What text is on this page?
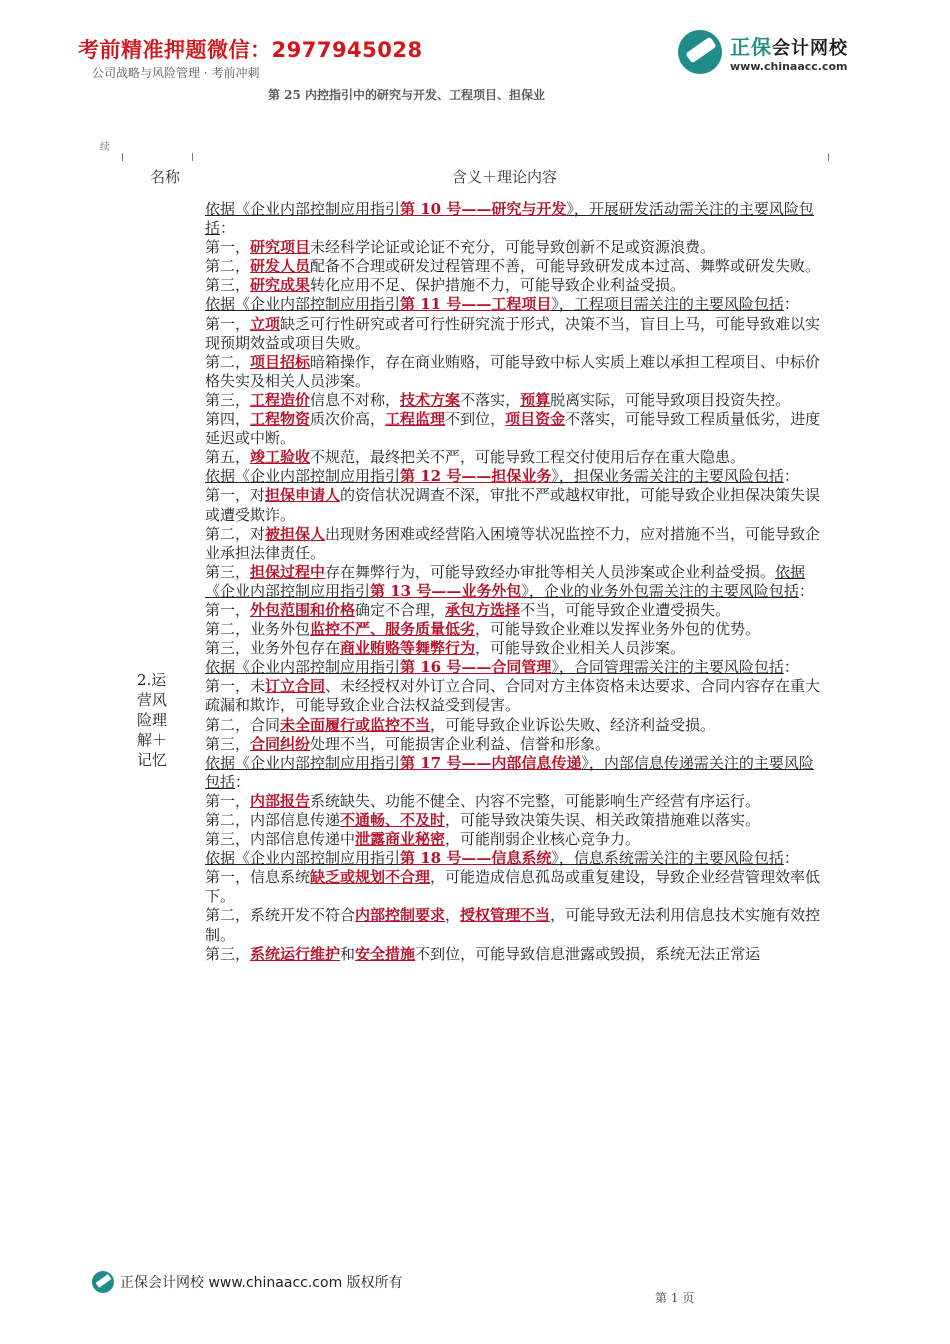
考前精准押题微信：2977945028
公司战略与风险管理 · 考前冲刺
第 25 内控指引中的研究与开发、工程项目、担保业
正保会计网校
www.chinaacc.com
续
名称	含义＋理论内容
2.运营风险理解＋记忆

依据《企业内部控制应用指引第 10 号——研究与开发》，开展研发活动需关注的主要风险包括：

第一，研究项目未经科学论证或论证不充分，可能导致创新不足或资源浪费。

第二，研发人员配备不合理或研发过程管理不善，可能导致研发成本过高、舞弊或研发失败。

第三，研究成果转化应用不足、保护措施不力，可能导致企业利益受损。

依据《企业内部控制应用指引第 11 号——工程项目》，工程项目需关注的主要风险包括：

第一，立项缺乏可行性研究或者可行性研究流于形式，决策不当，盲目上马，可能导致难以实现预期效益或项目失败。

第二，项目招标暗箱操作，存在商业贿赂，可能导致中标人实质上难以承担工程项目、中标价格失实及相关人员涉案。

第三，工程造价信息不对称，技术方案不落实，预算脱离实际，可能导致项目投资失控。

第四，工程物资质次价高，工程监理不到位，项目资金不落实，可能导致工程质量低劣，进度延迟或中断。

第五，竣工验收不规范，最终把关不严，可能导致工程交付使用后存在重大隐患。

依据《企业内部控制应用指引第 12 号——担保业务》，担保业务需关注的主要风险包括：

第一，对担保申请人的资信状况调查不深，审批不严或越权审批，可能导致企业担保决策失误或遭受欺诈。

第二，对被担保人出现财务困难或经营陷入困境等状况监控不力，应对措施不当，可能导致企业承担法律责任。

第三，担保过程中存在舞弊行为，可能导致经办审批等相关人员涉案或企业利益受损。依据《企业内部控制应用指引第 13 号——业务外包》，企业的业务外包需关注的主要风险包括：

第一，外包范围和价格确定不合理，承包方选择不当，可能导致企业遭受损失。

第二，业务外包监控不严、服务质量低劣，可能导致企业难以发挥业务外包的优势。

第三，业务外包存在商业贿赂等舞弊行为，可能导致企业相关人员涉案。

依据《企业内部控制应用指引第 16 号——合同管理》，合同管理需关注的主要风险包括：

第一，未订立合同、未经授权对外订立合同、合同对方主体资格未达要求、合同内容存在重大疏漏和欺诈，可能导致企业合法权益受到侵害。

第二，合同未全面履行或监控不当，可能导致企业诉讼失败、经济利益受损。

第三，合同纠纷处理不当，可能损害企业利益、信誉和形象。

依据《企业内部控制应用指引第 17 号——内部信息传递》，内部信息传递需关注的主要风险包括：

第一，内部报告系统缺失、功能不健全、内容不完整，可能影响生产经营有序运行。

第二，内部信息传递不通畅、不及时，可能导致决策失误、相关政策措施难以落实。

第三，内部信息传递中泄露商业秘密，可能削弱企业核心竞争力。

依据《企业内部控制应用指引第 18 号——信息系统》，信息系统需关注的主要风险包括：

第一，信息系统缺乏或规划不合理，可能造成信息孤岛或重复建设，导致企业经营管理效率低下。

第二，系统开发不符合内部控制要求，授权管理不当，可能导致无法利用信息技术实施有效控制。

第三，系统运行维护和安全措施不到位，可能导致信息泄露或毁损，系统无法正常运

正保会计网校 www.chinaacc.com 版权所有
第 1 页
